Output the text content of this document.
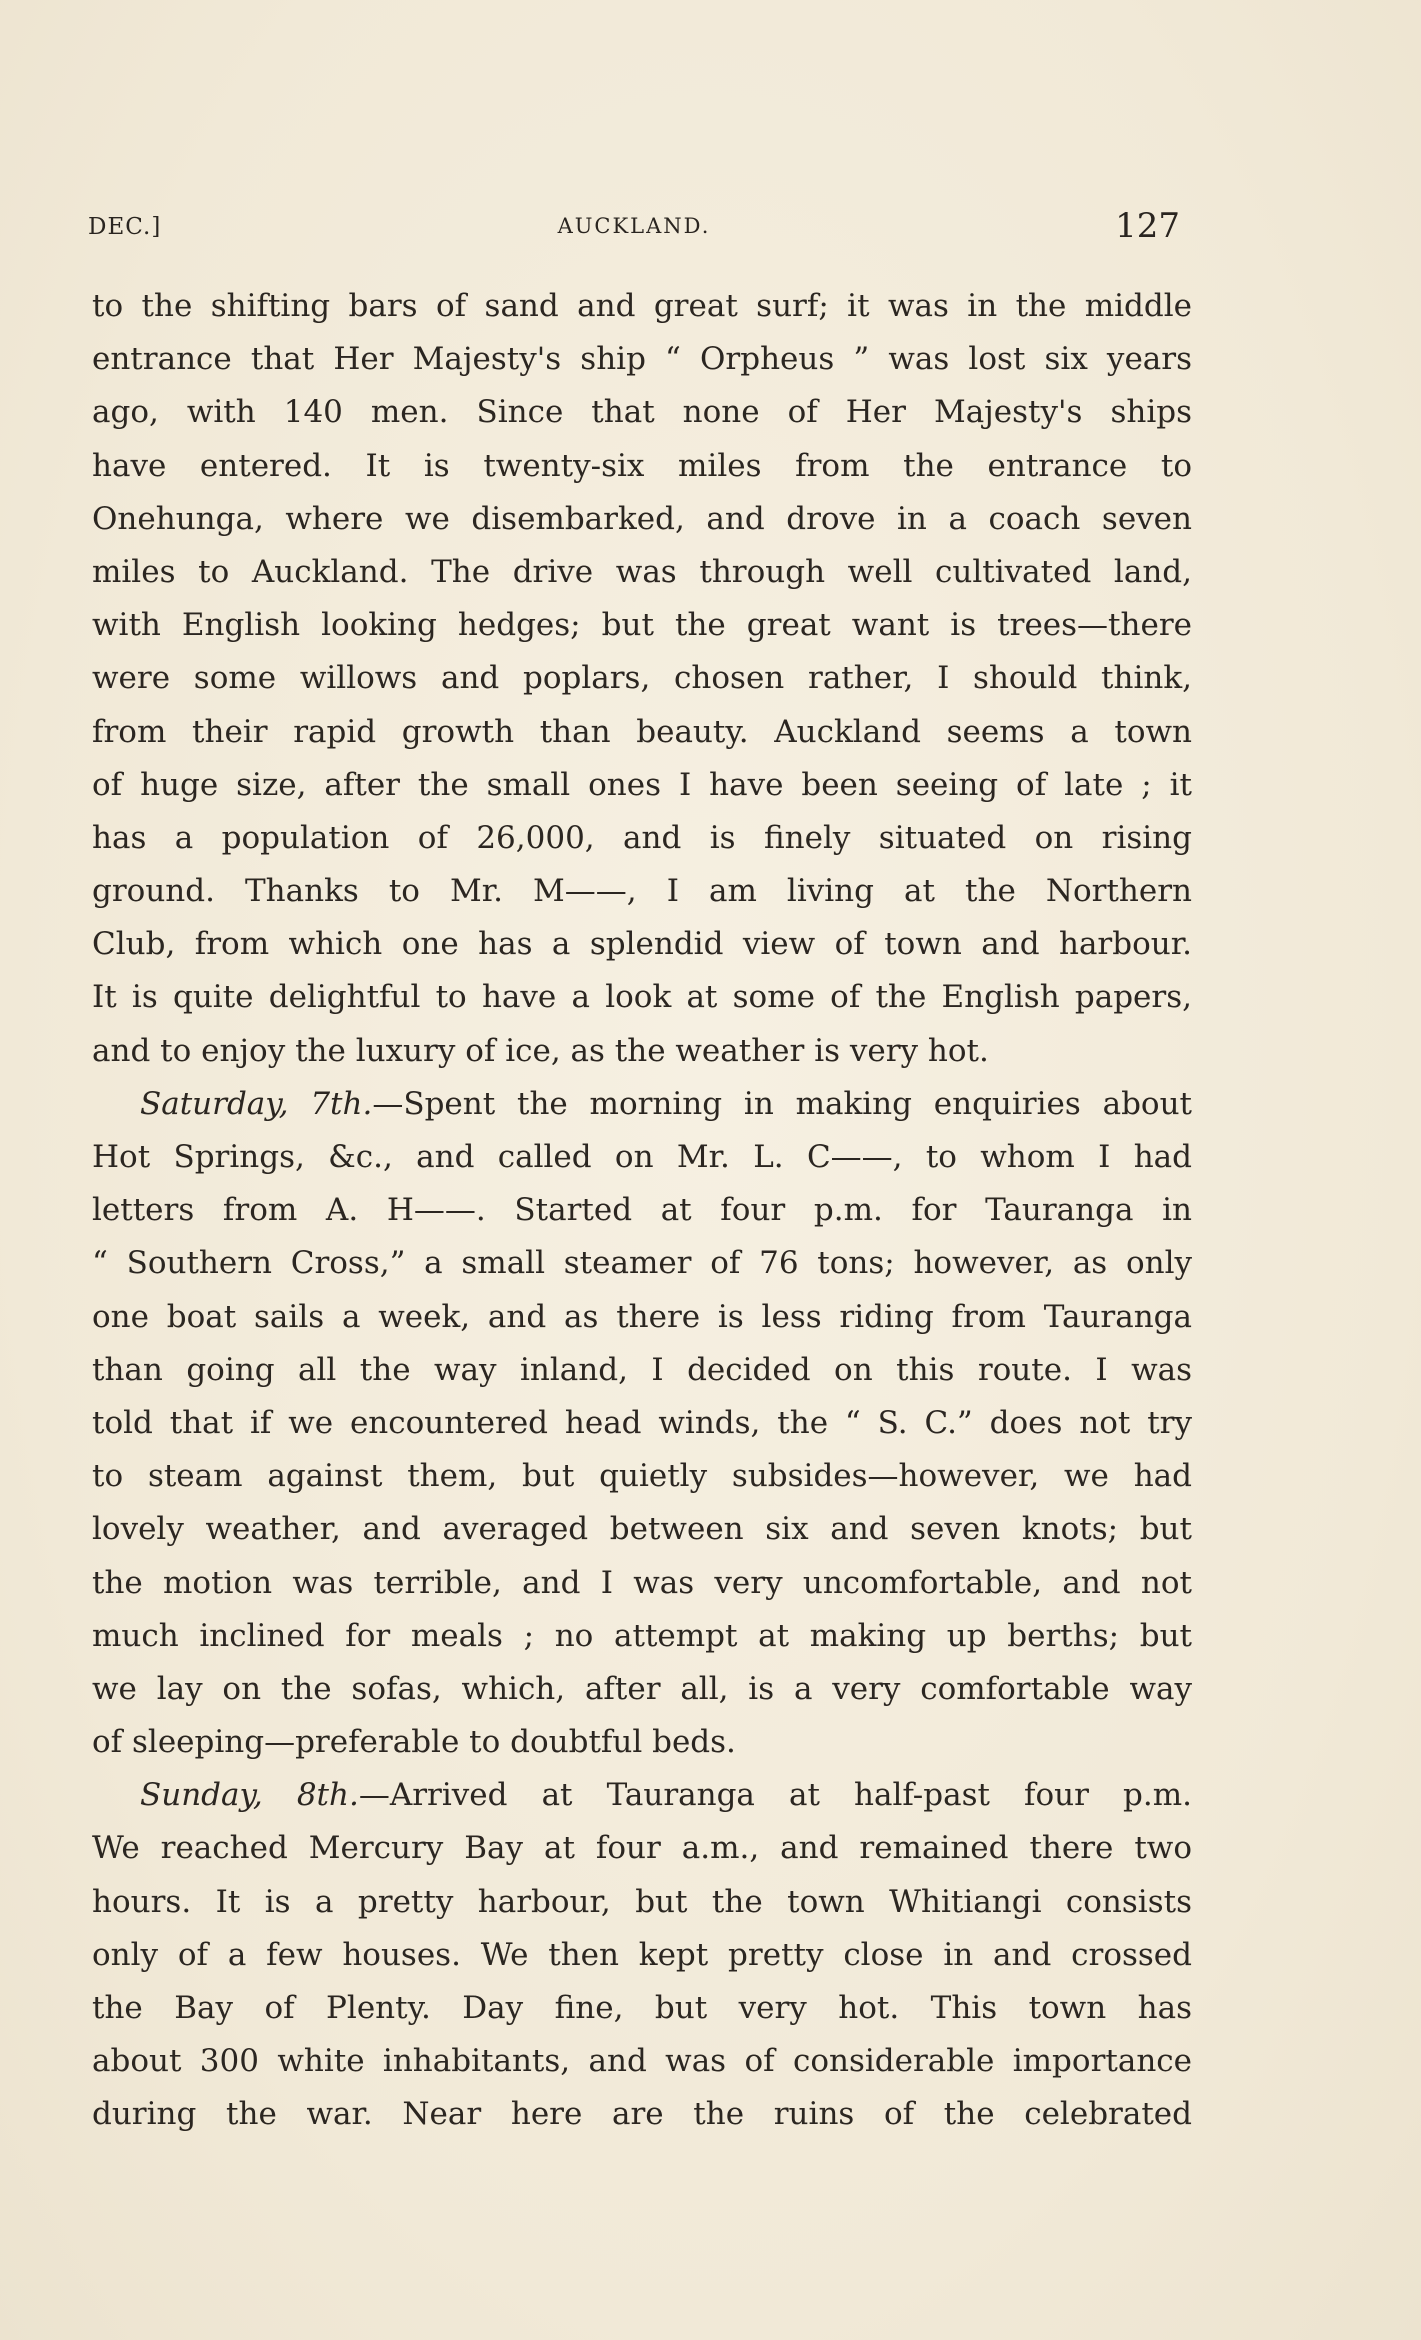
DEC.]	AUCKLAND.	127
to the shifting bars of sand and great surf; it was in the middle
entrance that Her Majesty's ship “ Orpheus ” was lost six years
ago, with 140 men. Since that none of Her Majesty's ships
have entered. It is twenty-six miles from the entrance to
Onehunga, where we disembarked, and drove in a coach seven
miles to Auckland. The drive was through well cultivated land,
with English looking hedges; but the great want is trees—there
were some willows and poplars, chosen rather, I should think,
from their rapid growth than beauty. Auckland seems a town
of huge size, after the small ones I have been seeing of late ; it
has a population of 26,000, and is finely situated on rising
ground. Thanks to Mr. M——, I am living at the Northern
Club, from which one has a splendid view of town and harbour.
It is quite delightful to have a look at some of the English papers,
and to enjoy the luxury of ice, as the weather is very hot.
Saturday, 7th.—Spent the morning in making enquiries about
Hot Springs, &c., and called on Mr. L. C——, to whom I had
letters from A. H——. Started at four p.m. for Tauranga in
“ Southern Cross,” a small steamer of 76 tons; however, as only
one boat sails a week, and as there is less riding from Tauranga
than going all the way inland, I decided on this route. I was
told that if we encountered head winds, the “ S. C.” does not try
to steam against them, but quietly subsides—however, we had
lovely weather, and averaged between six and seven knots; but
the motion was terrible, and I was very uncomfortable, and not
much inclined for meals ; no attempt at making up berths; but
we lay on the sofas, which, after all, is a very comfortable way
of sleeping—preferable to doubtful beds.
Sunday, 8th.—Arrived at Tauranga at half-past four p.m.
We reached Mercury Bay at four a.m., and remained there two
hours. It is a pretty harbour, but the town Whitiangi consists
only of a few houses. We then kept pretty close in and crossed
the Bay of Plenty. Day fine, but very hot. This town has
about 300 white inhabitants, and was of considerable importance
during the war. Near here are the ruins of the celebrated
